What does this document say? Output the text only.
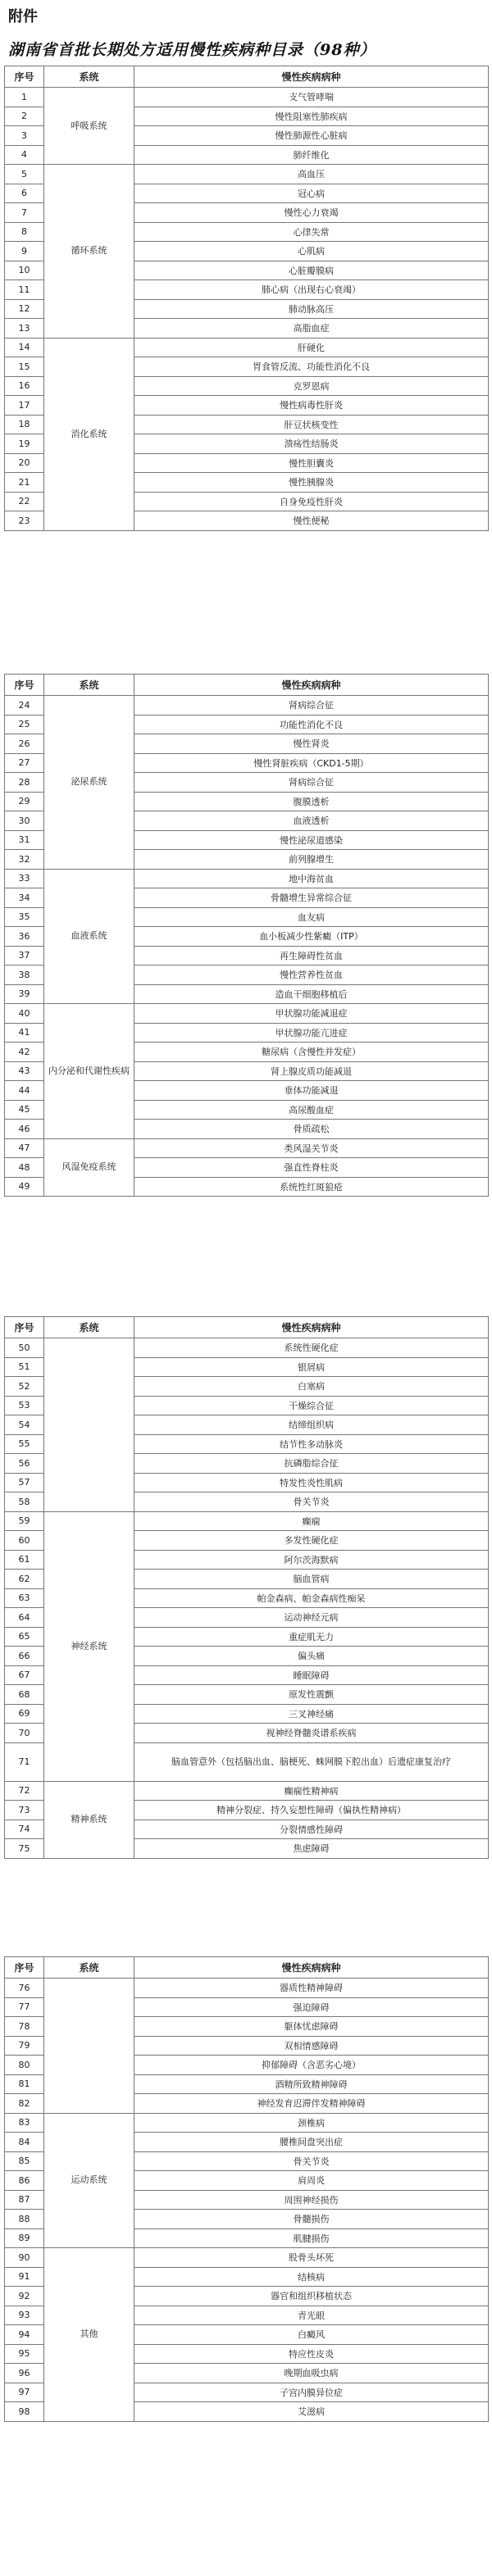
附件
湖南省首批长期处方适用慢性疾病种目录（98种）
序号	系统	慢性疾病病种
1	呼吸系统	支气管哮喘
2		慢性阻塞性肺疾病
3		慢性肺源性心脏病
4		肺纤维化
5	循环系统	高血压
6		冠心病
7		慢性心力衰竭
8		心律失常
9		心肌病
10		心脏瓣膜病
11		肺心病（出现右心衰竭）
12		肺动脉高压
13		高脂血症
14	消化系统	肝硬化
15		胃食管反流、功能性消化不良
16		克罗恩病
17		慢性病毒性肝炎
18		肝豆状核变性
19		溃疡性结肠炎
20		慢性胆囊炎
21		慢性胰腺炎
22		自身免疫性肝炎
23		慢性便秘
序号	系统	慢性疾病病种
24	泌尿系统	肾病综合征
25		功能性消化不良
26		慢性肾炎
27		慢性肾脏疾病（CKD1-5期）
28		肾病综合征
29		腹膜透析
30		血液透析
31		慢性泌尿道感染
32		前列腺增生
33	血液系统	地中海贫血
34		骨髓增生异常综合征
35		血友病
36		血小板减少性紫癜（ITP）
37		再生障碍性贫血
38		慢性营养性贫血
39		造血干细胞移植后
40	内分泌和代谢性疾病	甲状腺功能减退症
41		甲状腺功能亢进症
42		糖尿病（含慢性并发症）
43		肾上腺皮质功能减退
44		垂体功能减退
45		高尿酸血症
46		骨质疏松
47	风湿免疫系统	类风湿关节炎
48		强直性脊柱炎
49		系统性红斑狼疮
序号	系统	慢性疾病病种
50		系统性硬化症
51		银屑病
52		白塞病
53		干燥综合征
54		结缔组织病
55		结节性多动脉炎
56		抗磷脂综合征
57		特发性炎性肌病
58		骨关节炎
59	神经系统	癫痫
60		多发性硬化症
61		阿尔茨海默病
62		脑血管病
63		帕金森病、帕金森病性痴呆
64		运动神经元病
65		重症肌无力
66		偏头痛
67		睡眠障碍
68		原发性震颤
69		三叉神经痛
70		视神经脊髓炎谱系疾病
71		脑血管意外（包括脑出血、脑梗死、蛛网膜下腔出血）后遗症康复治疗
72	精神系统	癫痫性精神病
73		精神分裂症、持久妄想性障碍（偏执性精神病）
74		分裂情感性障碍
75		焦虑障碍
序号	系统	慢性疾病病种
76		器质性精神障碍
77		强迫障碍
78		躯体忧虑障碍
79		双相情感障碍
80		抑郁障碍（含恶劣心境）
81		酒精所致精神障碍
82		神经发育迟滞伴发精神障碍
83	运动系统	颈椎病
84		腰椎间盘突出症
85		骨关节炎
86		肩周炎
87		周围神经损伤
88		骨髓损伤
89		肌腱损伤
90	其他	股骨头坏死
91		结核病
92		器官和组织移植状态
93		青光眼
94		白癜风
95		特应性皮炎
96		晚期血吸虫病
97		子宫内膜异位症
98		艾滋病
